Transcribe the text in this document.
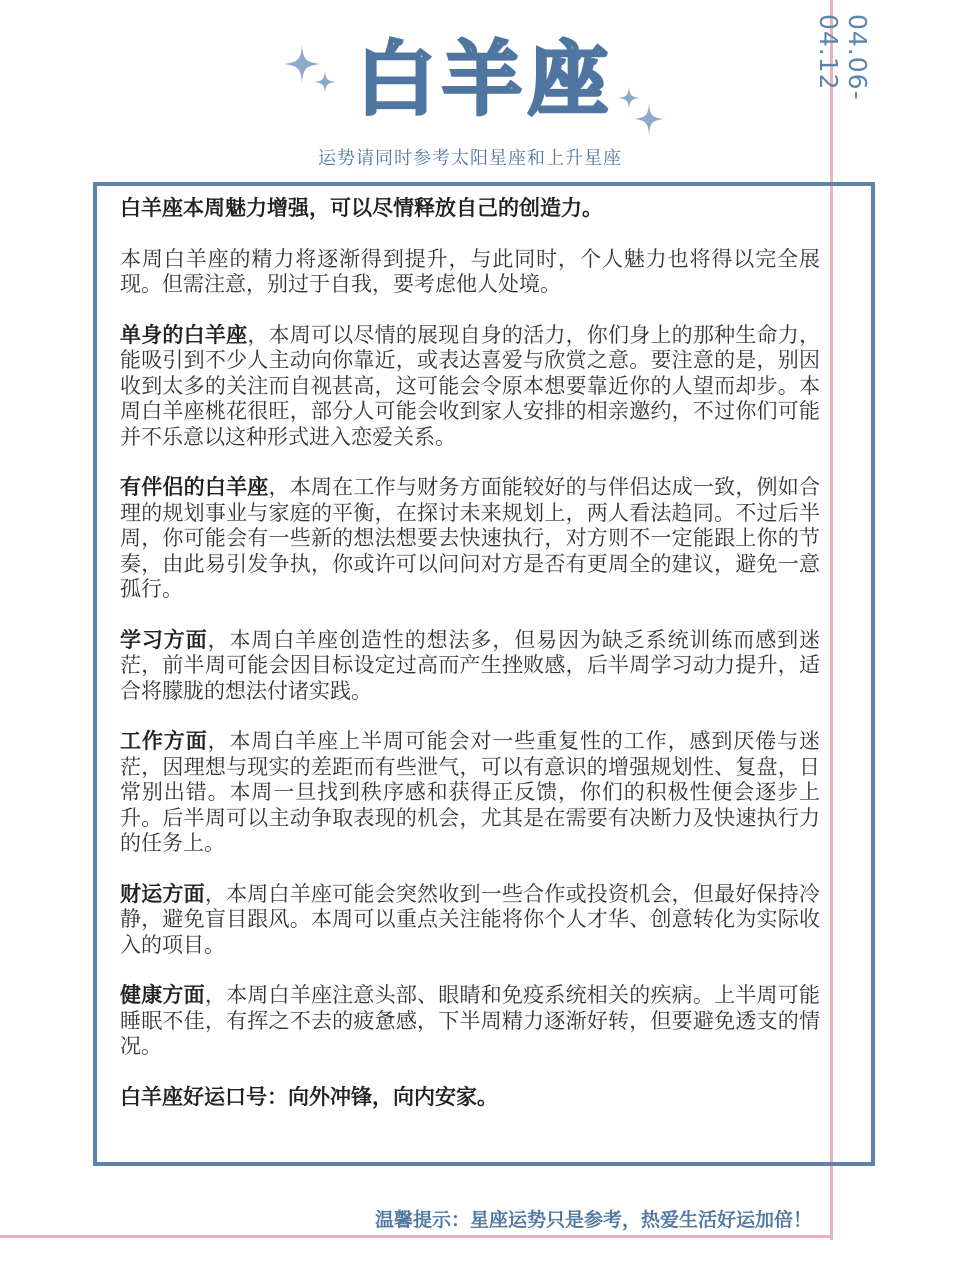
04.06-04.12
白羊座
运势请同时参考太阳星座和上升星座

白羊座本周魅力增强，可以尽情释放自己的创造力。

本周白羊座的精力将逐渐得到提升，与此同时，个人魅力也将得以完全展现。但需注意，别过于自我，要考虑他人处境。

单身的白羊座，本周可以尽情的展现自身的活力，你们身上的那种生命力，能吸引到不少人主动向你靠近，或表达喜爱与欣赏之意。要注意的是，别因收到太多的关注而自视甚高，这可能会令原本想要靠近你的人望而却步。本周白羊座桃花很旺，部分人可能会收到家人安排的相亲邀约，不过你们可能并不乐意以这种形式进入恋爱关系。

有伴侣的白羊座，本周在工作与财务方面能较好的与伴侣达成一致，例如合理的规划事业与家庭的平衡，在探讨未来规划上，两人看法趋同。不过后半周，你可能会有一些新的想法想要去快速执行，对方则不一定能跟上你的节奏，由此易引发争执，你或许可以问问对方是否有更周全的建议，避免一意孤行。

学习方面，本周白羊座创造性的想法多，但易因为缺乏系统训练而感到迷茫，前半周可能会因目标设定过高而产生挫败感，后半周学习动力提升，适合将朦胧的想法付诸实践。

工作方面，本周白羊座上半周可能会对一些重复性的工作，感到厌倦与迷茫，因理想与现实的差距而有些泄气，可以有意识的增强规划性、复盘，日常别出错。本周一旦找到秩序感和获得正反馈，你们的积极性便会逐步上升。后半周可以主动争取表现的机会，尤其是在需要有决断力及快速执行力的任务上。

财运方面，本周白羊座可能会突然收到一些合作或投资机会，但最好保持冷静，避免盲目跟风。本周可以重点关注能将你个人才华、创意转化为实际收入的项目。

健康方面，本周白羊座注意头部、眼睛和免疫系统相关的疾病。上半周可能睡眠不佳，有挥之不去的疲惫感，下半周精力逐渐好转，但要避免透支的情况。

白羊座好运口号：向外冲锋，向内安家。

温馨提示：星座运势只是参考，热爱生活好运加倍！
